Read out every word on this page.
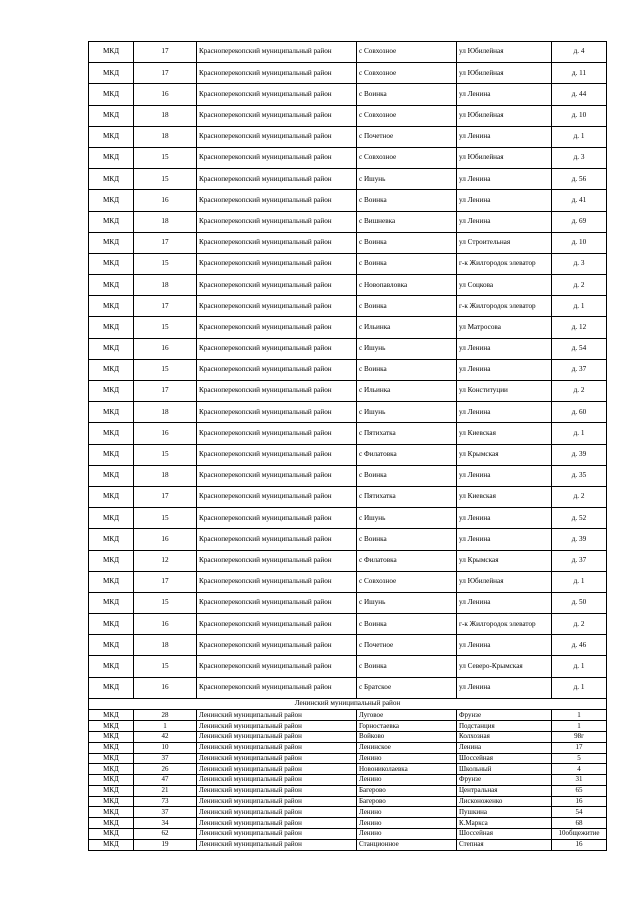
МКД	17	Красноперекопский муниципальный район	с Совхозное	ул Юбилейная	д. 4
МКД	17	Красноперекопский муниципальный район	с Совхозное	ул Юбилейная	д. 11
МКД	16	Красноперекопский муниципальный район	с Воинка	ул Ленина	д. 44
МКД	18	Красноперекопский муниципальный район	с Совхозное	ул Юбилейная	д. 10
МКД	18	Красноперекопский муниципальный район	с Почетное	ул Ленина	д. 1
МКД	15	Красноперекопский муниципальный район	с Совхозное	ул Юбилейная	д. 3
МКД	15	Красноперекопский муниципальный район	с Ишунь	ул Ленина	д. 56
МКД	16	Красноперекопский муниципальный район	с Воинка	ул Ленина	д. 41
МКД	18	Красноперекопский муниципальный район	с Вишневка	ул Ленина	д. 69
МКД	17	Красноперекопский муниципальный район	с Воинка	ул Строительная	д. 10
МКД	15	Красноперекопский муниципальный район	с Воинка	г-к Жилгородок элеватор	д. 3
МКД	18	Красноперекопский муниципальный район	с Новопавловка	ул Соцкова	д. 2
МКД	17	Красноперекопский муниципальный район	с Воинка	г-к Жилгородок элеватор	д. 1
МКД	15	Красноперекопский муниципальный район	с Ильинка	ул Матросова	д. 12
МКД	16	Красноперекопский муниципальный район	с Ишунь	ул Ленина	д. 54
МКД	15	Красноперекопский муниципальный район	с Воинка	ул Ленина	д. 37
МКД	17	Красноперекопский муниципальный район	с Ильинка	ул Конституции	д. 2
МКД	18	Красноперекопский муниципальный район	с Ишунь	ул Ленина	д. 60
МКД	16	Красноперекопский муниципальный район	с Пятихатка	ул Киевская	д. 1
МКД	15	Красноперекопский муниципальный район	с Филатовка	ул Крымская	д. 39
МКД	18	Красноперекопский муниципальный район	с Воинка	ул Ленина	д. 35
МКД	17	Красноперекопский муниципальный район	с Пятихатка	ул Киевская	д. 2
МКД	15	Красноперекопский муниципальный район	с Ишунь	ул Ленина	д. 52
МКД	16	Красноперекопский муниципальный район	с Воинка	ул Ленина	д. 39
МКД	12	Красноперекопский муниципальный район	с Филатовка	ул Крымская	д. 37
МКД	17	Красноперекопский муниципальный район	с Совхозное	ул Юбилейная	д. 1
МКД	15	Красноперекопский муниципальный район	с Ишунь	ул Ленина	д. 50
МКД	16	Красноперекопский муниципальный район	с Воинка	г-к Жилгородок элеватор	д. 2
МКД	18	Красноперекопский муниципальный район	с Почетное	ул Ленина	д. 46
МКД	15	Красноперекопский муниципальный район	с Воинка	ул Северо-Крымская	д. 1
МКД	16	Красноперекопский муниципальный район	с Братское	ул Ленина	д. 1
Ленинский муниципальный район					
МКД	28	Ленинский муниципальный район	Луговое	Фрунзе	1
МКД	1	Ленинский муниципальный район	Горностаевка	Подстанция	1
МКД	42	Ленинский муниципальный район	Войково	Колхозная	98г
МКД	10	Ленинский муниципальный район	Ленинское	Ленина	17
МКД	37	Ленинский муниципальный район	Ленино	Шоссейная	5
МКД	26	Ленинский муниципальный район	Новониколаевка	Школьный	4
МКД	47	Ленинский муниципальный район	Ленино	Фрунзе	31
МКД	21	Ленинский муниципальный район	Багерово	Центральная	65
МКД	73	Ленинский муниципальный район	Багерово	Лисконоженко	16
МКД	37	Ленинский муниципальный район	Ленино	Пушкина	54
МКД	34	Ленинский муниципальный район	Ленино	К.Маркса	68
МКД	62	Ленинский муниципальный район	Ленино	Шоссейная	10общежитие
МКД	19	Ленинский муниципальный район	Станционное	Степная	16
